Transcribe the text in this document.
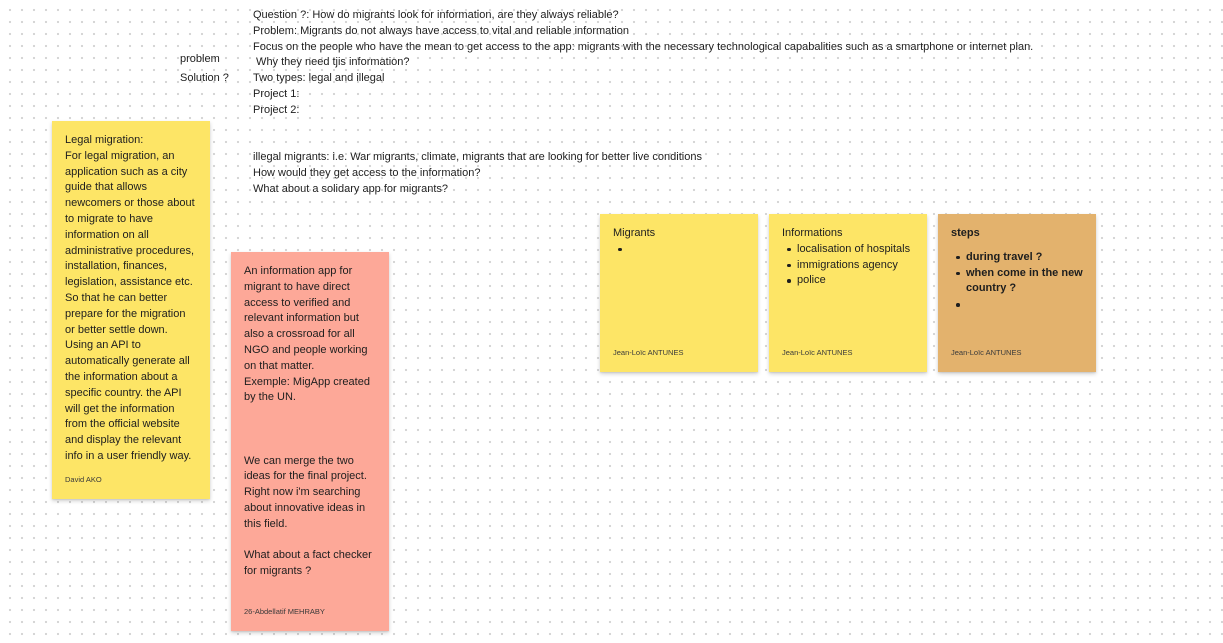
Question ?: How do migrants look for information, are they always reliable?
Problem: Migrants do not always have access to vital and reliable information
Focus on the people who have the mean to get access to the app: migrants with the necessary technological capabalities such as a smartphone or internet plan.
Why they need tjis information?
Two types: legal and illegal
Project 1:
Project 2:
problem
Solution ?
illegal migrants: i.e. War migrants, climate, migrants that are looking for better live conditions
How would they get access to the information?
What about a solidary app for migrants?
Legal migration:
For legal migration, an application such as a city guide that allows newcomers or those about to migrate to have information on all administrative procedures, installation, finances, legislation, assistance etc. So that he can better prepare for the migration or better settle down.
Using an API to automatically generate all the information about a specific country. the API will get the information from the official website and display the relevant info in a user friendly way.
David AKO
An information app for migrant to have direct access to verified and relevant information but also a crossroad for all NGO and people working on that matter.
Exemple: MigApp created by the UN.

We can merge the two ideas for the final project. Right now i'm searching about innovative ideas in this field.

What about a fact checker for migrants ?
26-Abdellatif MEHRABY
Migrants
Jean-Loïc ANTUNES
Informations
localisation of hospitals
immigrations agency
police
Jean-Loïc ANTUNES
steps
during travel ?
when come in the new country ?
Jean-Loïc ANTUNES
